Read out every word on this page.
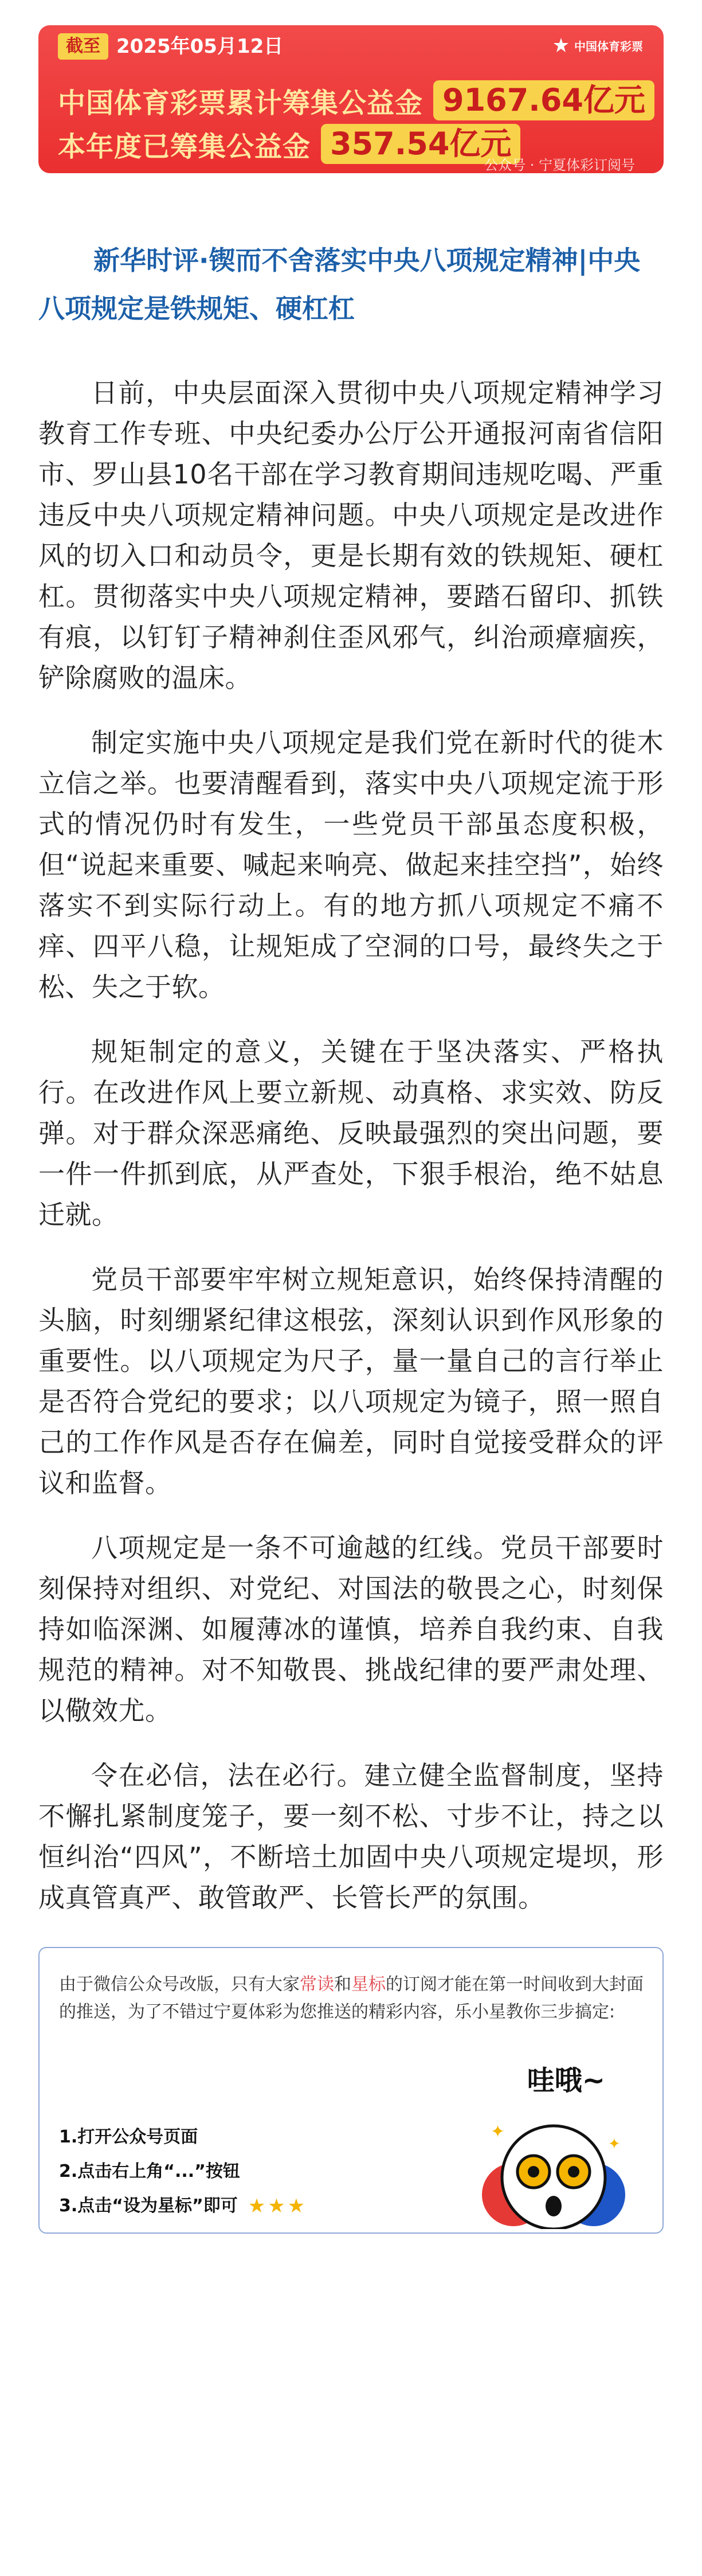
截至 2025年05月12日	中国体育彩票
中国体育彩票累计筹集公益金 9167.64亿元
本年度已筹集公益金 357.54亿元
公众号 · 宁夏体彩订阅号
新华时评·锲而不舍落实中央八项规定精神|中央八项规定是铁规矩、硬杠杠

日前，中央层面深入贯彻中央八项规定精神学习教育工作专班、中央纪委办公厅公开通报河南省信阳市、罗山县10名干部在学习教育期间违规吃喝、严重违反中央八项规定精神问题。中央八项规定是改进作风的切入口和动员令，更是长期有效的铁规矩、硬杠杠。贯彻落实中央八项规定精神，要踏石留印、抓铁有痕，以钉钉子精神刹住歪风邪气，纠治顽瘴痼疾，铲除腐败的温床。

制定实施中央八项规定是我们党在新时代的徙木立信之举。也要清醒看到，落实中央八项规定流于形式的情况仍时有发生，一些党员干部虽态度积极，但“说起来重要、喊起来响亮、做起来挂空挡”，始终落实不到实际行动上。有的地方抓八项规定不痛不痒、四平八稳，让规矩成了空洞的口号，最终失之于松、失之于软。

规矩制定的意义，关键在于坚决落实、严格执行。在改进作风上要立新规、动真格、求实效、防反弹。对于群众深恶痛绝、反映最强烈的突出问题，要一件一件抓到底，从严查处，下狠手根治，绝不姑息迁就。

党员干部要牢牢树立规矩意识，始终保持清醒的头脑，时刻绷紧纪律这根弦，深刻认识到作风形象的重要性。以八项规定为尺子，量一量自己的言行举止是否符合党纪的要求；以八项规定为镜子，照一照自己的工作作风是否存在偏差，同时自觉接受群众的评议和监督。

八项规定是一条不可逾越的红线。党员干部要时刻保持对组织、对党纪、对国法的敬畏之心，时刻保持如临深渊、如履薄冰的谨慎，培养自我约束、自我规范的精神。对不知敬畏、挑战纪律的要严肃处理、以儆效尤。

令在必信，法在必行。建立健全监督制度，坚持不懈扎紧制度笼子，要一刻不松、寸步不让，持之以恒纠治“四风”，不断培土加固中央八项规定堤坝，形成真管真严、敢管敢严、长管长严的氛围。

由于微信公众号改版，只有大家常读和星标的订阅才能在第一时间收到大封面的推送，为了不错过宁夏体彩为您推送的精彩内容，乐小星教你三步搞定:

1.打开公众号页面
2.点击右上角“...”按钮
3.点击“设为星标”即可 ★★★
哇哦~
✦
✦
